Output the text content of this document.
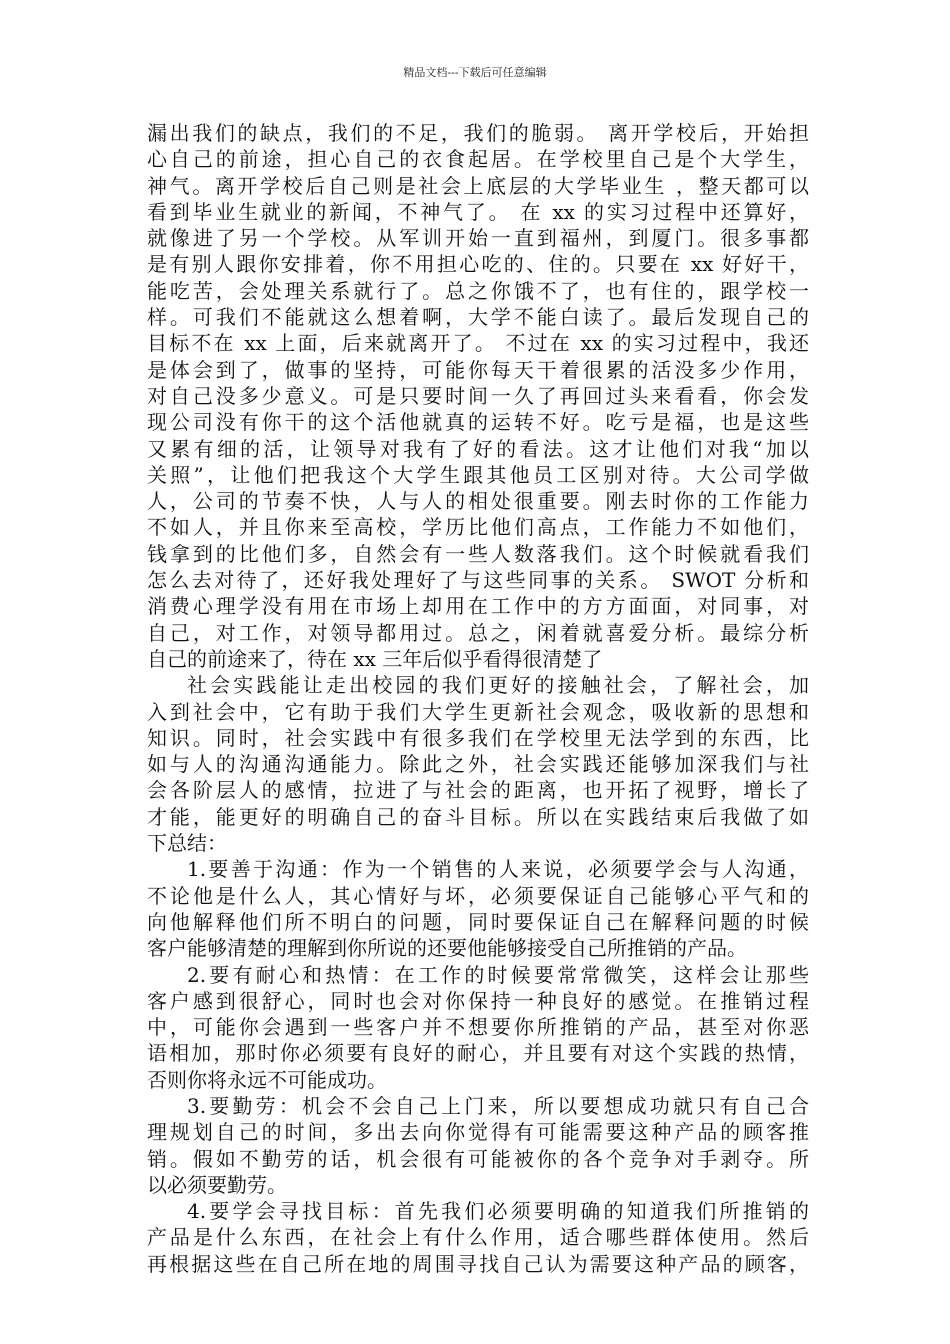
精品文档---下载后可任意编辑
漏出我们的缺点，我们的不足，我们的脆弱。 离开学校后，开始担
心自己的前途，担心自己的衣食起居。在学校里自己是个大学生，
神气。离开学校后自己则是社会上底层的大学毕业生 ，整天都可以
看到毕业生就业的新闻，不神气了。 在 xx 的实习过程中还算好，
就像进了另一个学校。从军训开始一直到福州，到厦门。很多事都
是有别人跟你安排着，你不用担心吃的、住的。只要在 xx 好好干，
能吃苦，会处理关系就行了。总之你饿不了，也有住的，跟学校一
样。可我们不能就这么想着啊，大学不能白读了。最后发现自己的
目标不在 xx 上面，后来就离开了。 不过在 xx 的实习过程中，我还
是体会到了，做事的坚持，可能你每天干着很累的活没多少作用，
对自己没多少意义。可是只要时间一久了再回过头来看看，你会发
现公司没有你干的这个活他就真的运转不好。吃亏是福，也是这些
又累有细的活，让领导对我有了好的看法。这才让他们对我“加以
关照”，让他们把我这个大学生跟其他员工区别对待。大公司学做
人，公司的节奏不快，人与人的相处很重要。刚去时你的工作能力
不如人，并且你来至高校，学历比他们高点，工作能力不如他们，
钱拿到的比他们多，自然会有一些人数落我们。这个时候就看我们
怎么去对待了，还好我处理好了与这些同事的关系。 SWOT 分析和
消费心理学没有用在市场上却用在工作中的方方面面，对同事，对
自己，对工作，对领导都用过。总之，闲着就喜爱分析。最综分析
自己的前途来了，待在 xx 三年后似乎看得很清楚了
社会实践能让走出校园的我们更好的接触社会，了解社会，加
入到社会中，它有助于我们大学生更新社会观念，吸收新的思想和
知识。同时，社会实践中有很多我们在学校里无法学到的东西，比
如与人的沟通沟通能力。除此之外，社会实践还能够加深我们与社
会各阶层人的感情，拉进了与社会的距离，也开拓了视野，增长了
才能，能更好的明确自己的奋斗目标。所以在实践结束后我做了如
下总结：
1.要善于沟通：作为一个销售的人来说，必须要学会与人沟通，
不论他是什么人，其心情好与坏，必须要保证自己能够心平气和的
向他解释他们所不明白的问题，同时要保证自己在解释问题的时候
客户能够清楚的理解到你所说的还要他能够接受自己所推销的产品。
2.要有耐心和热情：在工作的时候要常常微笑，这样会让那些
客户感到很舒心，同时也会对你保持一种良好的感觉。在推销过程
中，可能你会遇到一些客户并不想要你所推销的产品，甚至对你恶
语相加，那时你必须要有良好的耐心，并且要有对这个实践的热情，
否则你将永远不可能成功。
3.要勤劳：机会不会自己上门来，所以要想成功就只有自己合
理规划自己的时间，多出去向你觉得有可能需要这种产品的顾客推
销。假如不勤劳的话，机会很有可能被你的各个竞争对手剥夺。所
以必须要勤劳。
4.要学会寻找目标：首先我们必须要明确的知道我们所推销的
产品是什么东西，在社会上有什么作用，适合哪些群体使用。然后
再根据这些在自己所在地的周围寻找自己认为需要这种产品的顾客，
